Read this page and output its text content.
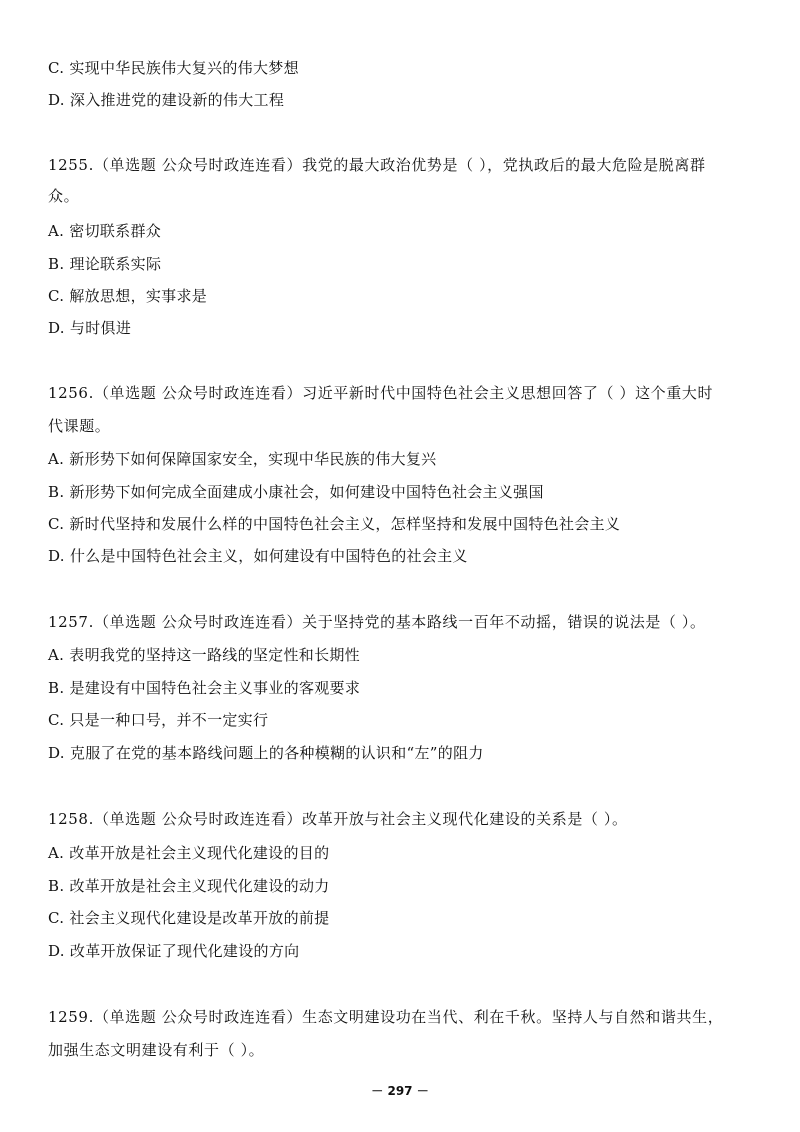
C. 实现中华民族伟大复兴的伟大梦想
D. 深入推进党的建设新的伟大工程
1255.（单选题 公众号时政连连看）我党的最大政治优势是（ ），党执政后的最大危险是脱离群
众。
A. 密切联系群众
B. 理论联系实际
C. 解放思想，实事求是
D. 与时俱进
1256.（单选题 公众号时政连连看）习近平新时代中国特色社会主义思想回答了（ ）这个重大时
代课题。
A. 新形势下如何保障国家安全，实现中华民族的伟大复兴
B. 新形势下如何完成全面建成小康社会，如何建设中国特色社会主义强国
C. 新时代坚持和发展什么样的中国特色社会主义，怎样坚持和发展中国特色社会主义
D. 什么是中国特色社会主义，如何建设有中国特色的社会主义
1257.（单选题 公众号时政连连看）关于坚持党的基本路线一百年不动摇，错误的说法是（ ）。
A. 表明我党的坚持这一路线的坚定性和长期性
B. 是建设有中国特色社会主义事业的客观要求
C. 只是一种口号，并不一定实行
D. 克服了在党的基本路线问题上的各种模糊的认识和“左”的阻力
1258.（单选题 公众号时政连连看）改革开放与社会主义现代化建设的关系是（ ）。
A. 改革开放是社会主义现代化建设的目的
B. 改革开放是社会主义现代化建设的动力
C. 社会主义现代化建设是改革开放的前提
D. 改革开放保证了现代化建设的方向
1259.（单选题 公众号时政连连看）生态文明建设功在当代、利在千秋。坚持人与自然和谐共生，
加强生态文明建设有利于（ ）。
－ 297 －
